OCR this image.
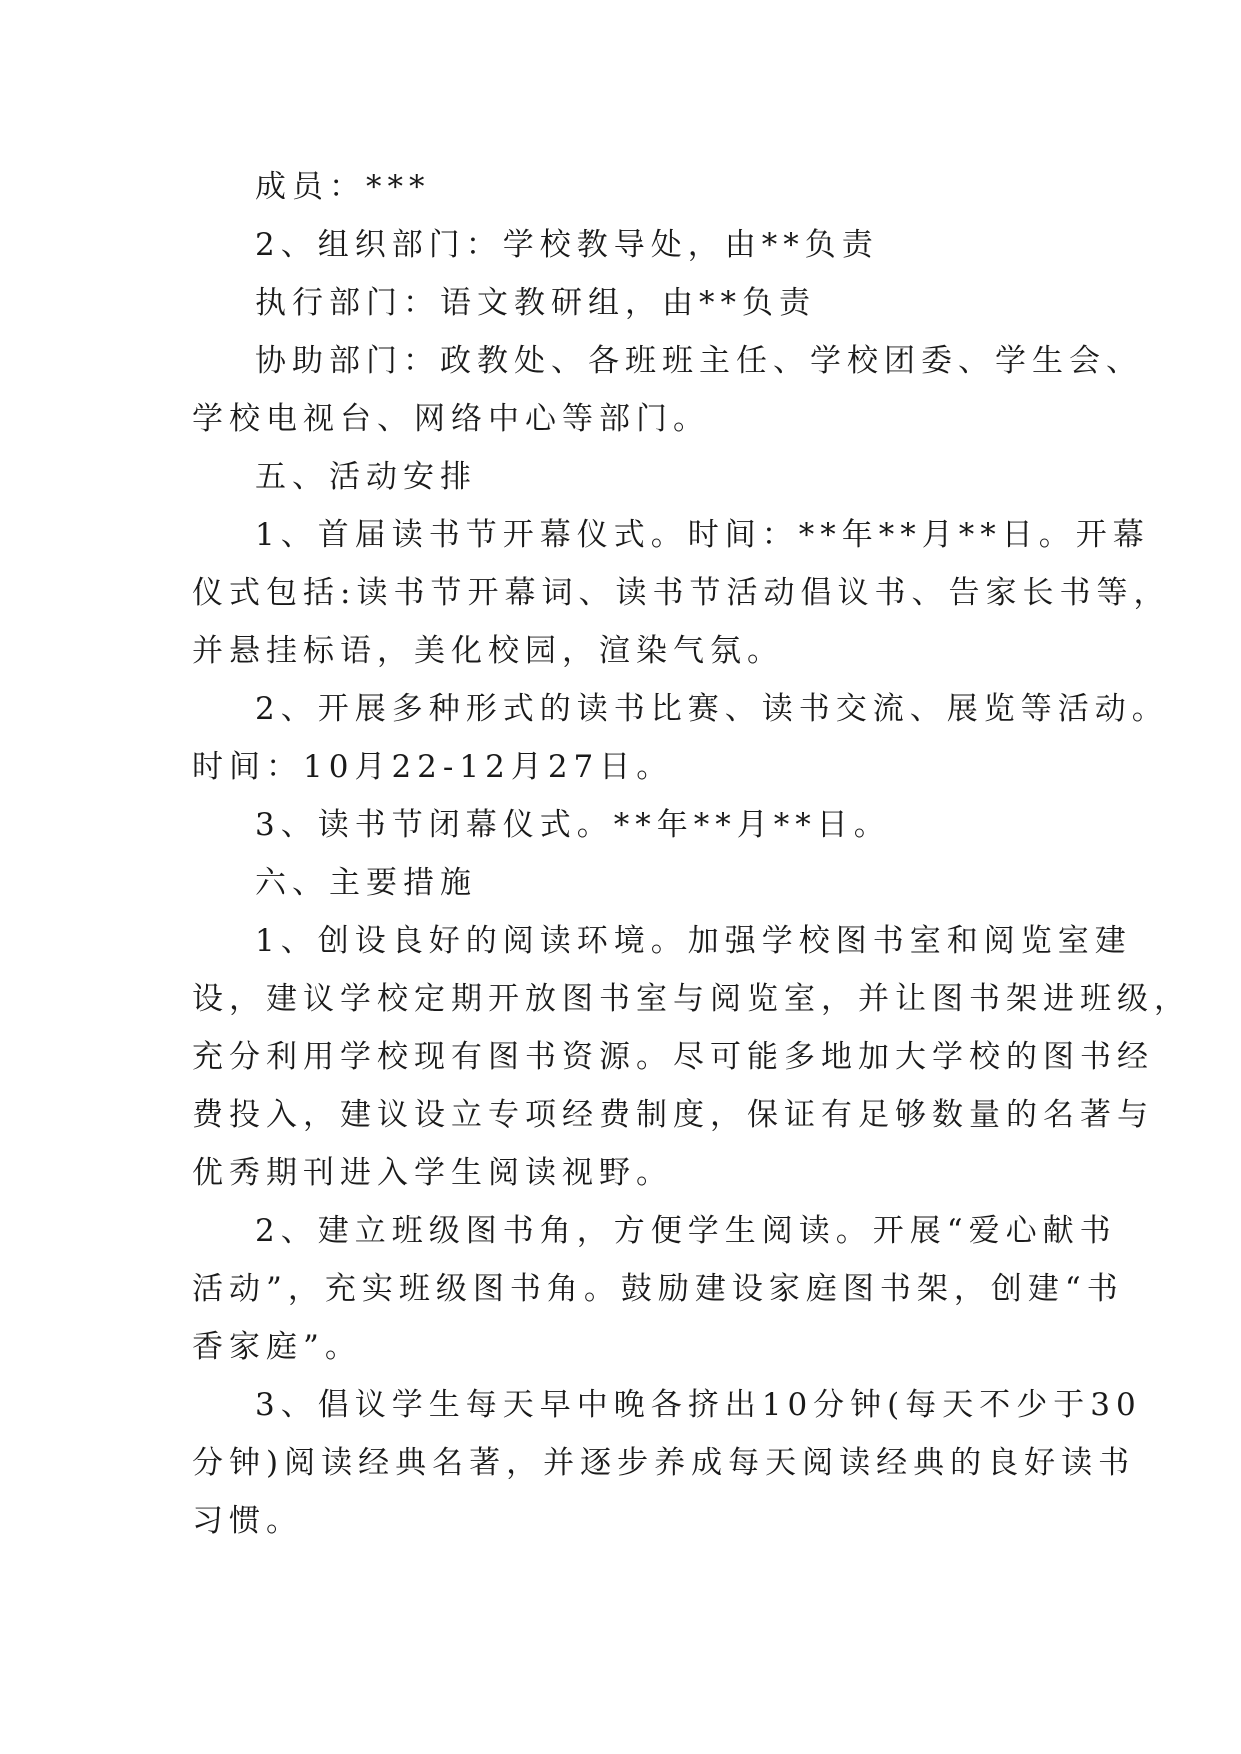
成员：***
2、组织部门：学校教导处，由**负责
执行部门：语文教研组，由**负责
协助部门：政教处、各班班主任、学校团委、学生会、
学校电视台、网络中心等部门。
五、活动安排
1、首届读书节开幕仪式。时间：**年**月**日。开幕
仪式包括:读书节开幕词、读书节活动倡议书、告家长书等，
并悬挂标语，美化校园，渲染气氛。
2、开展多种形式的读书比赛、读书交流、展览等活动。
时间：10月22-12月27日。
3、读书节闭幕仪式。**年**月**日。
六、主要措施
1、创设良好的阅读环境。加强学校图书室和阅览室建
设，建议学校定期开放图书室与阅览室，并让图书架进班级，
充分利用学校现有图书资源。尽可能多地加大学校的图书经
费投入，建议设立专项经费制度，保证有足够数量的名著与
优秀期刊进入学生阅读视野。
2、建立班级图书角，方便学生阅读。开展“爱心献书
活动”，充实班级图书角。鼓励建设家庭图书架，创建“书
香家庭”。
3、倡议学生每天早中晚各挤出10分钟(每天不少于30
分钟)阅读经典名著，并逐步养成每天阅读经典的良好读书
习惯。
